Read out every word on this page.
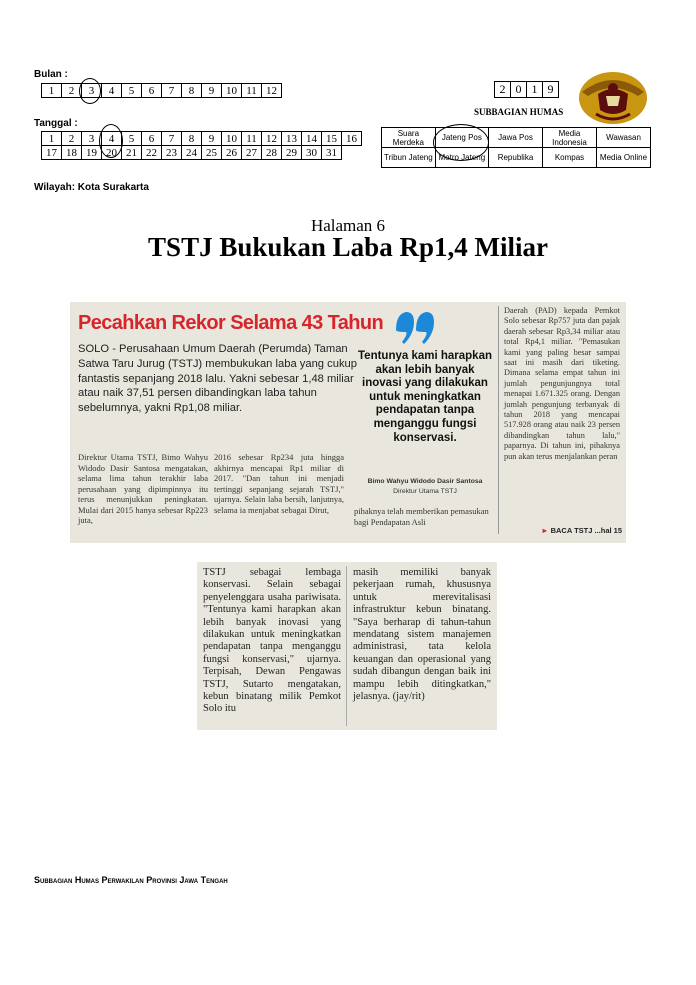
Bulan :
1	2	3	4	5	6	7	8	9	10	11	12
Tanggal :
1	2	3	4	5	6	7	8	9	10	11	12	13	14	15	16
17	18	19	20	21	22	23	24	25	26	27	28	29	30	31	
Wilayah: Kota Surakarta
2	0	1	9
SUBBAGIAN HUMAS
Suara Merdeka	Jateng Pos	Jawa Pos	Media Indonesia	Wawasan
Tribun Jateng	Metro Jateng	Republika	Kompas	Media Online
Halaman 6
TSTJ Bukukan Laba Rp1,4 Miliar
Pecahkan Rekor Selama 43 Tahun
SOLO - Perusahaan Umum Daerah (Perumda) Taman Satwa Taru Jurug (TSTJ) membukukan laba yang cukup fantastis sepanjang 2018 lalu. Yakni sebesar 1,48 miliar atau naik 37,51 persen dibandingkan laba tahun sebelumnya, yakni Rp1,08 miliar.
Direktur Utama TSTJ, Bimo Wahyu Widodo Dasir Santosa mengatakan, selama lima tahun terakhir laba perusahaan yang dipimpinnya itu terus menunjukkan peningkatan. Mulai dari 2015 hanya sebesar Rp223 juta,
2016 sebesar Rp234 juta hingga akhirnya mencapai Rp1 miliar di 2017. "Dan tahun ini menjadi tertinggi sepanjang sejarah TSTJ," ujarnya. Selain laba bersih, lanjutnya, selama ia menjabat sebagai Dirut,
Tentunya kami harapkan akan lebih banyak inovasi yang dilakukan untuk meningkatkan pendapatan tanpa menganggu fungsi konservasi.
Bimo Wahyu Widodo Dasir Santosa
Direktur Utama TSTJ
pihaknya telah memberikan pemasukan bagi Pendapatan Asli
Daerah (PAD) kepada Pemkot Solo sebesar Rp757 juta dan pajak daerah sebesar Rp3,34 miliar atau total Rp4,1 miliar. "Pemasukan kami yang paling besar sampai saat ini masih dari tiketing. Dimana selama empat tahun ini jumlah pengunjungnya total menapai 1.671.325 orang. Dengan jumlah pengunjung terbanyak di tahun 2018 yang mencapai 517.928 orang atau naik 23 persen dibandingkan tahun lalu," paparnya. Di tahun ini, pihaknya pun akan terus menjalankan peran
► BACA TSTJ ...hal 15
TSTJ sebagai lembaga konservasi. Selain sebagai penyelenggara usaha pariwisata. "Tentunya kami harapkan akan lebih banyak inovasi yang dilakukan untuk meningkatkan pendapatan tanpa menganggu fungsi konservasi," ujarnya. Terpisah, Dewan Pengawas TSTJ, Sutarto mengatakan, kebun binatang milik Pemkot Solo itu
masih memiliki banyak pekerjaan rumah, khususnya untuk merevitalisasi infrastruktur kebun binatang. "Saya berharap di tahun-tahun mendatang sistem manajemen administrasi, tata kelola keuangan dan operasional yang sudah dibangun dengan baik ini mampu lebih ditingkatkan," jelasnya. (jay/rit)
Subbagian Humas Perwakilan Provinsi Jawa Tengah
